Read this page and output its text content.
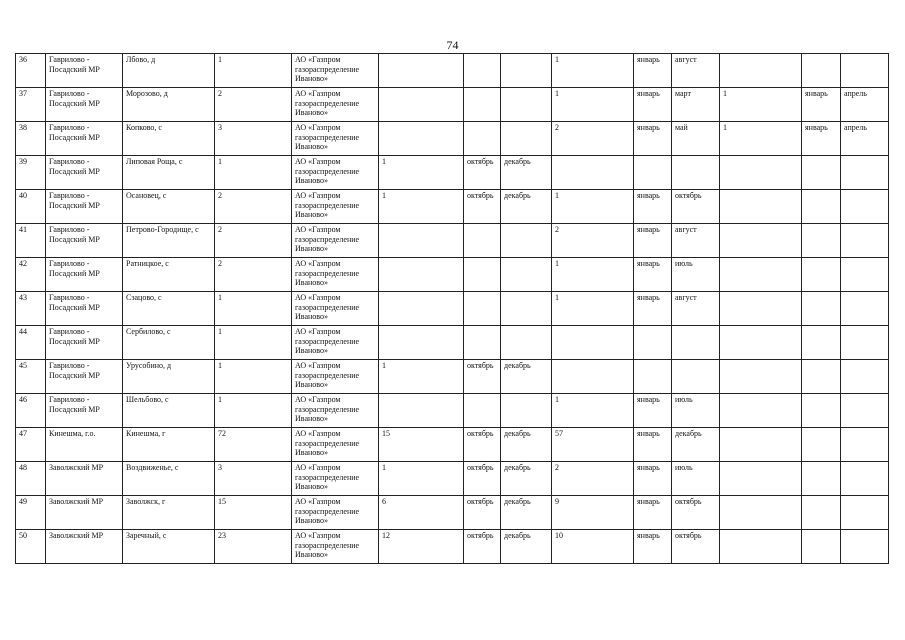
74
36	Гаврилово - Посадский МР	Лбово, д	1	АО «Газпром газораспределение Иваново»				1	январь	август			
37	Гаврилово - Посадский МР	Морозово, д	2	АО «Газпром газораспределение Иваново»				1	январь	март	1	январь	апрель
38	Гаврилово - Посадский МР	Копково, с	3	АО «Газпром газораспределение Иваново»				2	январь	май	1	январь	апрель
39	Гаврилово - Посадский МР	Липовая Роща, с	1	АО «Газпром газораспределение Иваново»	1	октябрь	декабрь						
40	Гаврилово - Посадский МР	Осановец, с	2	АО «Газпром газораспределение Иваново»	1	октябрь	декабрь	1	январь	октябрь			
41	Гаврилово - Посадский МР	Петрово-Городище, с	2	АО «Газпром газораспределение Иваново»				2	январь	август			
42	Гаврилово - Посадский МР	Ратницкое, с	2	АО «Газпром газораспределение Иваново»				1	январь	июль			
43	Гаврилово - Посадский МР	Сзацово, с	1	АО «Газпром газораспределение Иваново»				1	январь	август			
44	Гаврилово - Посадский МР	Сербилово, с	1	АО «Газпром газораспределение Иваново»									
45	Гаврилово - Посадский МР	Урусобино, д	1	АО «Газпром газораспределение Иваново»	1	октябрь	декабрь						
46	Гаврилово - Посадский МР	Шельбово, с	1	АО «Газпром газораспределение Иваново»				1	январь	июль			
47	Кинешма, г.о.	Кинешма, г	72	АО «Газпром газораспределение Иваново»	15	октябрь	декабрь	57	январь	декабрь			
48	Заволжский МР	Воздвиженье, с	3	АО «Газпром газораспределение Иваново»	1	октябрь	декабрь	2	январь	июль			
49	Заволжский МР	Заволжск, г	15	АО «Газпром газораспределение Иваново»	6	октябрь	декабрь	9	январь	октябрь			
50	Заволжский МР	Заречный, с	23	АО «Газпром газораспределение Иваново»	12	октябрь	декабрь	10	январь	октябрь			
